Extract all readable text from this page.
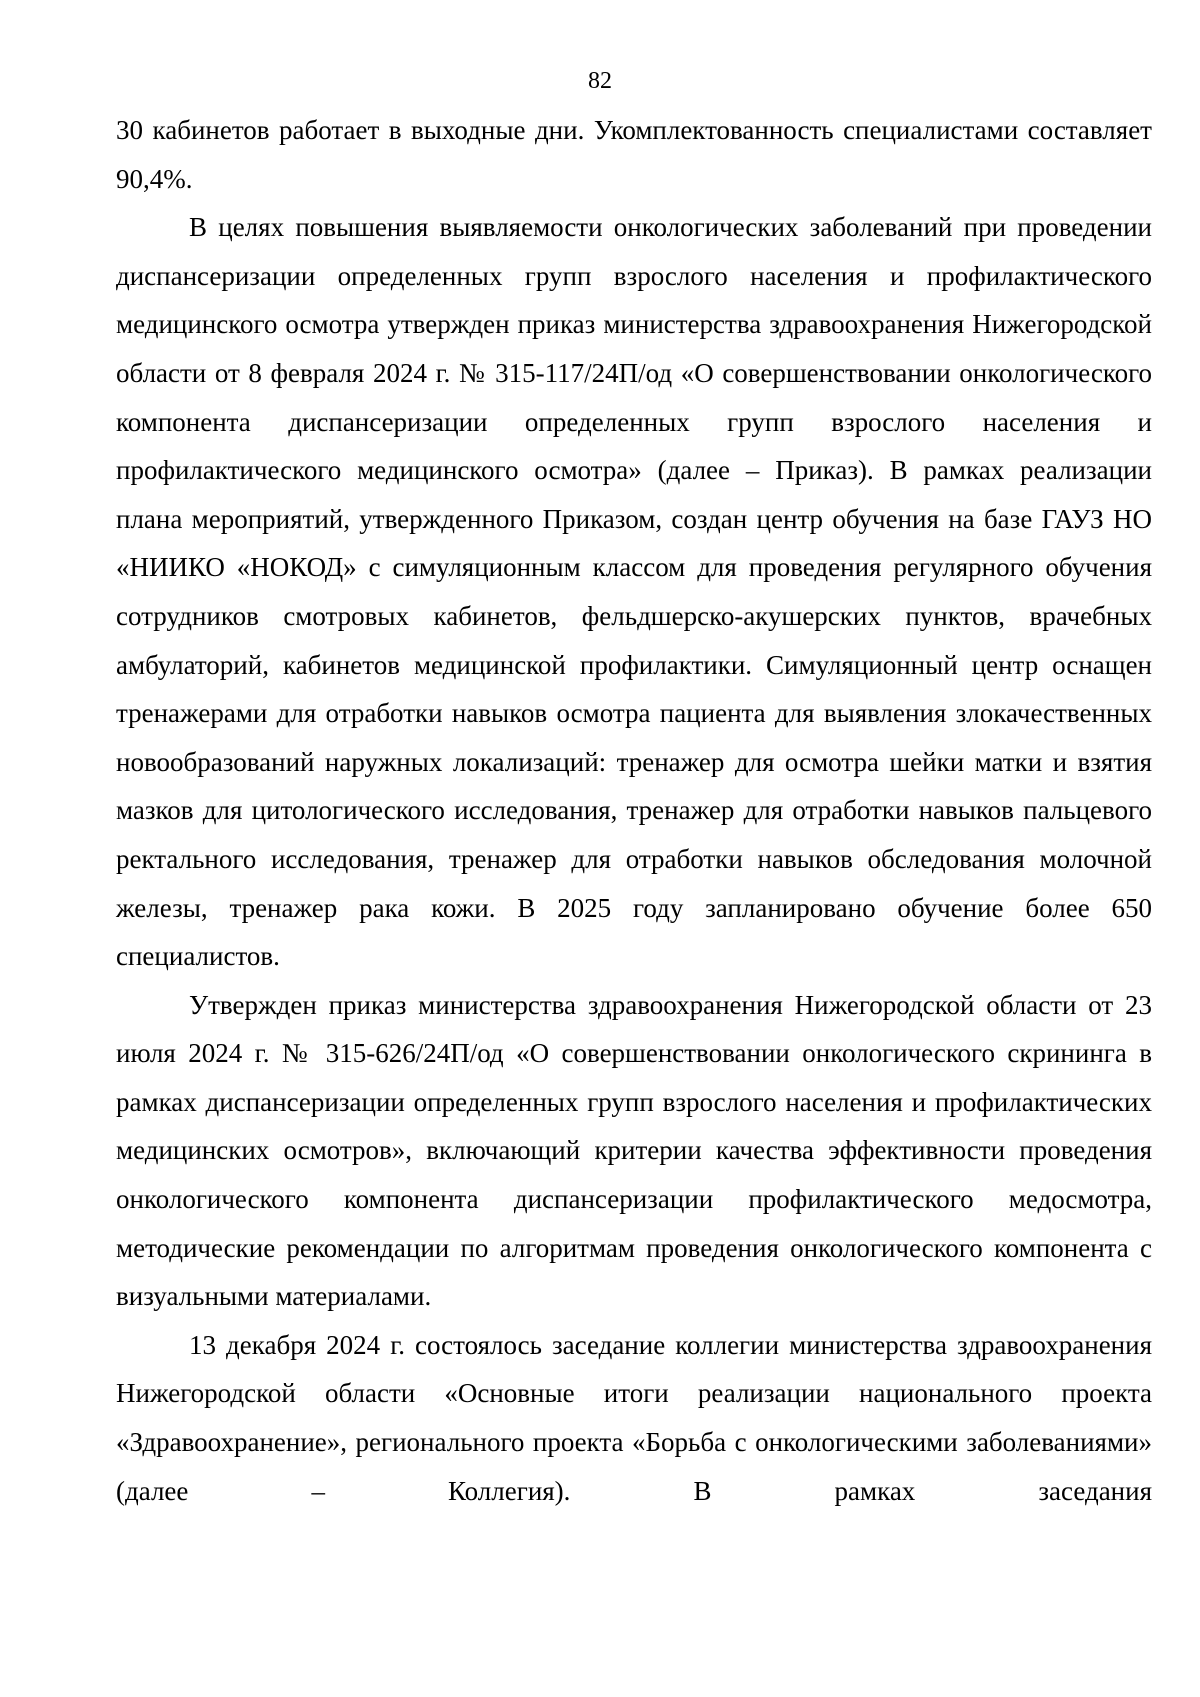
82

30 кабинетов работает в выходные дни. Укомплектованность специалистами составляет 90,4%.

В целях повышения выявляемости онкологических заболеваний при проведении диспансеризации определенных групп взрослого населения и профилактического медицинского осмотра утвержден приказ министерства здравоохранения Нижегородской области от 8 февраля 2024 г. № 315-117/24П/од «О совершенствовании онкологического компонента диспансеризации определенных групп взрослого населения и профилактического медицинского осмотра» (далее – Приказ). В рамках реализации плана мероприятий, утвержденного Приказом, создан центр обучения на базе ГАУЗ НО «НИИКО «НОКОД» с симуляционным классом для проведения регулярного обучения сотрудников смотровых кабинетов, фельдшерско-акушерских пунктов, врачебных амбулаторий, кабинетов медицинской профилактики. Симуляционный центр оснащен тренажерами для отработки навыков осмотра пациента для выявления злокачественных новообразований наружных локализаций: тренажер для осмотра шейки матки и взятия мазков для цитологического исследования, тренажер для отработки навыков пальцевого ректального исследования, тренажер для отработки навыков обследования молочной железы, тренажер рака кожи. В 2025 году запланировано обучение более 650 специалистов.

Утвержден приказ министерства здравоохранения Нижегородской области от 23 июля 2024 г. № 315-626/24П/од «О совершенствовании онкологического скрининга в рамках диспансеризации определенных групп взрослого населения и профилактических медицинских осмотров», включающий критерии качества эффективности проведения онкологического компонента диспансеризации профилактического медосмотра, методические рекомендации по алгоритмам проведения онкологического компонента с визуальными материалами.

13 декабря 2024 г. состоялось заседание коллегии министерства здравоохранения Нижегородской области «Основные итоги реализации национального проекта «Здравоохранение», регионального проекта «Борьба с онкологическими заболеваниями» (далее – Коллегия). В рамках заседания
